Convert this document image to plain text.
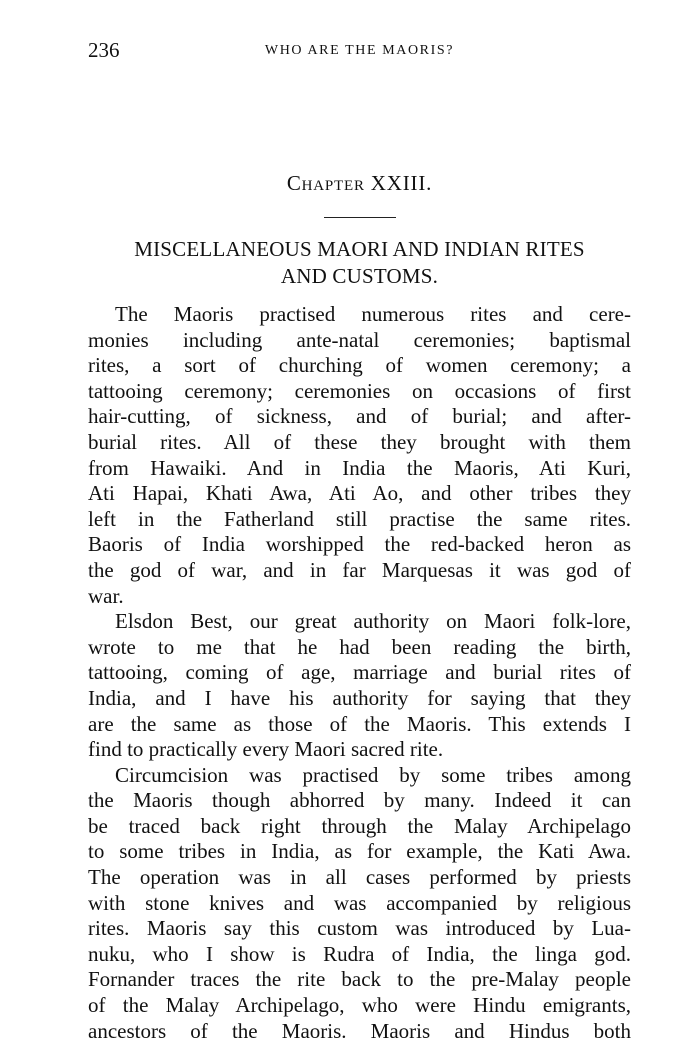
236	WHO ARE THE MAORIS?
Chapter XXIII.
MISCELLANEOUS MAORI AND INDIAN RITES
AND CUSTOMS.
The Maoris practised numerous rites and cere-
monies including ante-natal ceremonies; baptismal
rites, a sort of churching of women ceremony; a
tattooing ceremony; ceremonies on occasions of first
hair-cutting, of sickness, and of burial; and after-
burial rites. All of these they brought with them
from Hawaiki. And in India the Maoris, Ati Kuri,
Ati Hapai, Khati Awa, Ati Ao, and other tribes they
left in the Fatherland still practise the same rites.
Baoris of India worshipped the red-backed heron as
the god of war, and in far Marquesas it was god of
war.
Elsdon Best, our great authority on Maori folk-lore,
wrote to me that he had been reading the birth,
tattooing, coming of age, marriage and burial rites of
India, and I have his authority for saying that they
are the same as those of the Maoris. This extends I
find to practically every Maori sacred rite.
Circumcision was practised by some tribes among
the Maoris though abhorred by many. Indeed it can
be traced back right through the Malay Archipelago
to some tribes in India, as for example, the Kati Awa.
The operation was in all cases performed by priests
with stone knives and was accompanied by religious
rites. Maoris say this custom was introduced by Lua-
nuku, who I show is Rudra of India, the linga god.
Fornander traces the rite back to the pre-Malay people
of the Malay Archipelago, who were Hindu emigrants,
ancestors of the Maoris. Maoris and Hindus both
